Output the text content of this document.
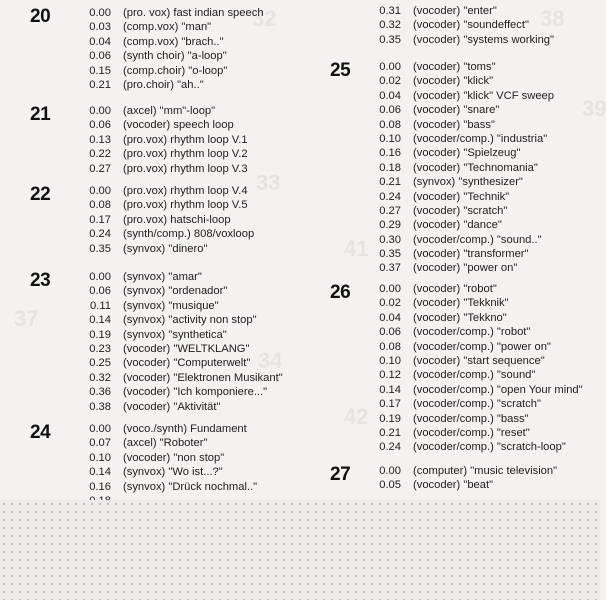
32
33
34
38
39
41
42
37
20	0.00	(pro. vox) fast indian speech
0.03	(comp.vox) "man"
0.04	(comp.vox) "brach.."
0.06	(synth choir) "a-loop"
0.15	(comp.choir) "o-loop"
0.21	(pro.choir) "ah.."
21	0.00	(axcel) "mm"-loop"
0.06	(vocoder) speech loop
0.13	(pro.vox) rhythm loop V.1
0.22	(pro.vox) rhythm loop V.2
0.27	(pro.vox) rhythm loop V.3
22	0.00	(pro.vox) rhythm loop V.4
0.08	(pro.vox) rhythm loop V.5
0.17	(pro.vox) hatschi-loop
0.24	(synth/comp.) 808/voxloop
0.35	(synvox) "dinero"
23	0.00	(synvox) "amar"
0.06	(synvox) "ordenador"
0.11	(synvox) "musique"
0.14	(synvox) "activity non stop"
0.19	(synvox) "synthetica"
0.23	(vocoder) "WELTKLANG"
0.25	(vocoder) "Computerwelt"
0.32	(vocoder) "Elektronen Musikant"
0.36	(vocoder) "Ich komponiere..."
0.38	(vocoder) "Aktivität"
24	0.00	(voco./synth) Fundament
0.07	(axcel) "Roboter"
0.10	(vocoder) "non stop"
0.14	(synvox) "Wo ist...?"
0.16	(synvox) "Drück nochmal.."
0.31	(vocoder) "enter"
0.32	(vocoder) "soundeffect"
0.35	(vocoder) "systems working"
25	0.00	(vocoder) "toms"
0.02	(vocoder) "klick"
0.04	(vocoder) "klick" VCF sweep
0.06	(vocoder) "snare"
0.08	(vocoder) "bass"
0.10	(vocoder/comp.) "industria"
0.16	(vocoder) "Spielzeug"
0.18	(vocoder) "Technomania"
0.21	(synvox) "synthesizer"
0.24	(vocoder) "Technik"
0.27	(vocoder) "scratch"
0.29	(vocoder) "dance"
0.30	(vocoder/comp.) "sound.."
0.35	(vocoder) "transformer"
0.37	(vocoder) "power on"
26	0.00	(vocoder) "robot"
0.02	(vocoder) "Tekknik"
0.04	(vocoder) "Tekkno"
0.06	(vocoder/comp.) "robot"
0.08	(vocoder/comp.) "power on"
0.10	(vocoder) "start sequence"
0.12	(vocoder/comp.) "sound"
0.14	(vocoder/comp.) "open Your mind"
0.17	(vocoder/comp.) "scratch"
0.19	(vocoder/comp.) "bass"
0.21	(vocoder/comp.) "reset"
0.24	(vocoder/comp.) "scratch-loop"
27	0.00	(computer) "music television"
0.05	(vocoder) "beat"
